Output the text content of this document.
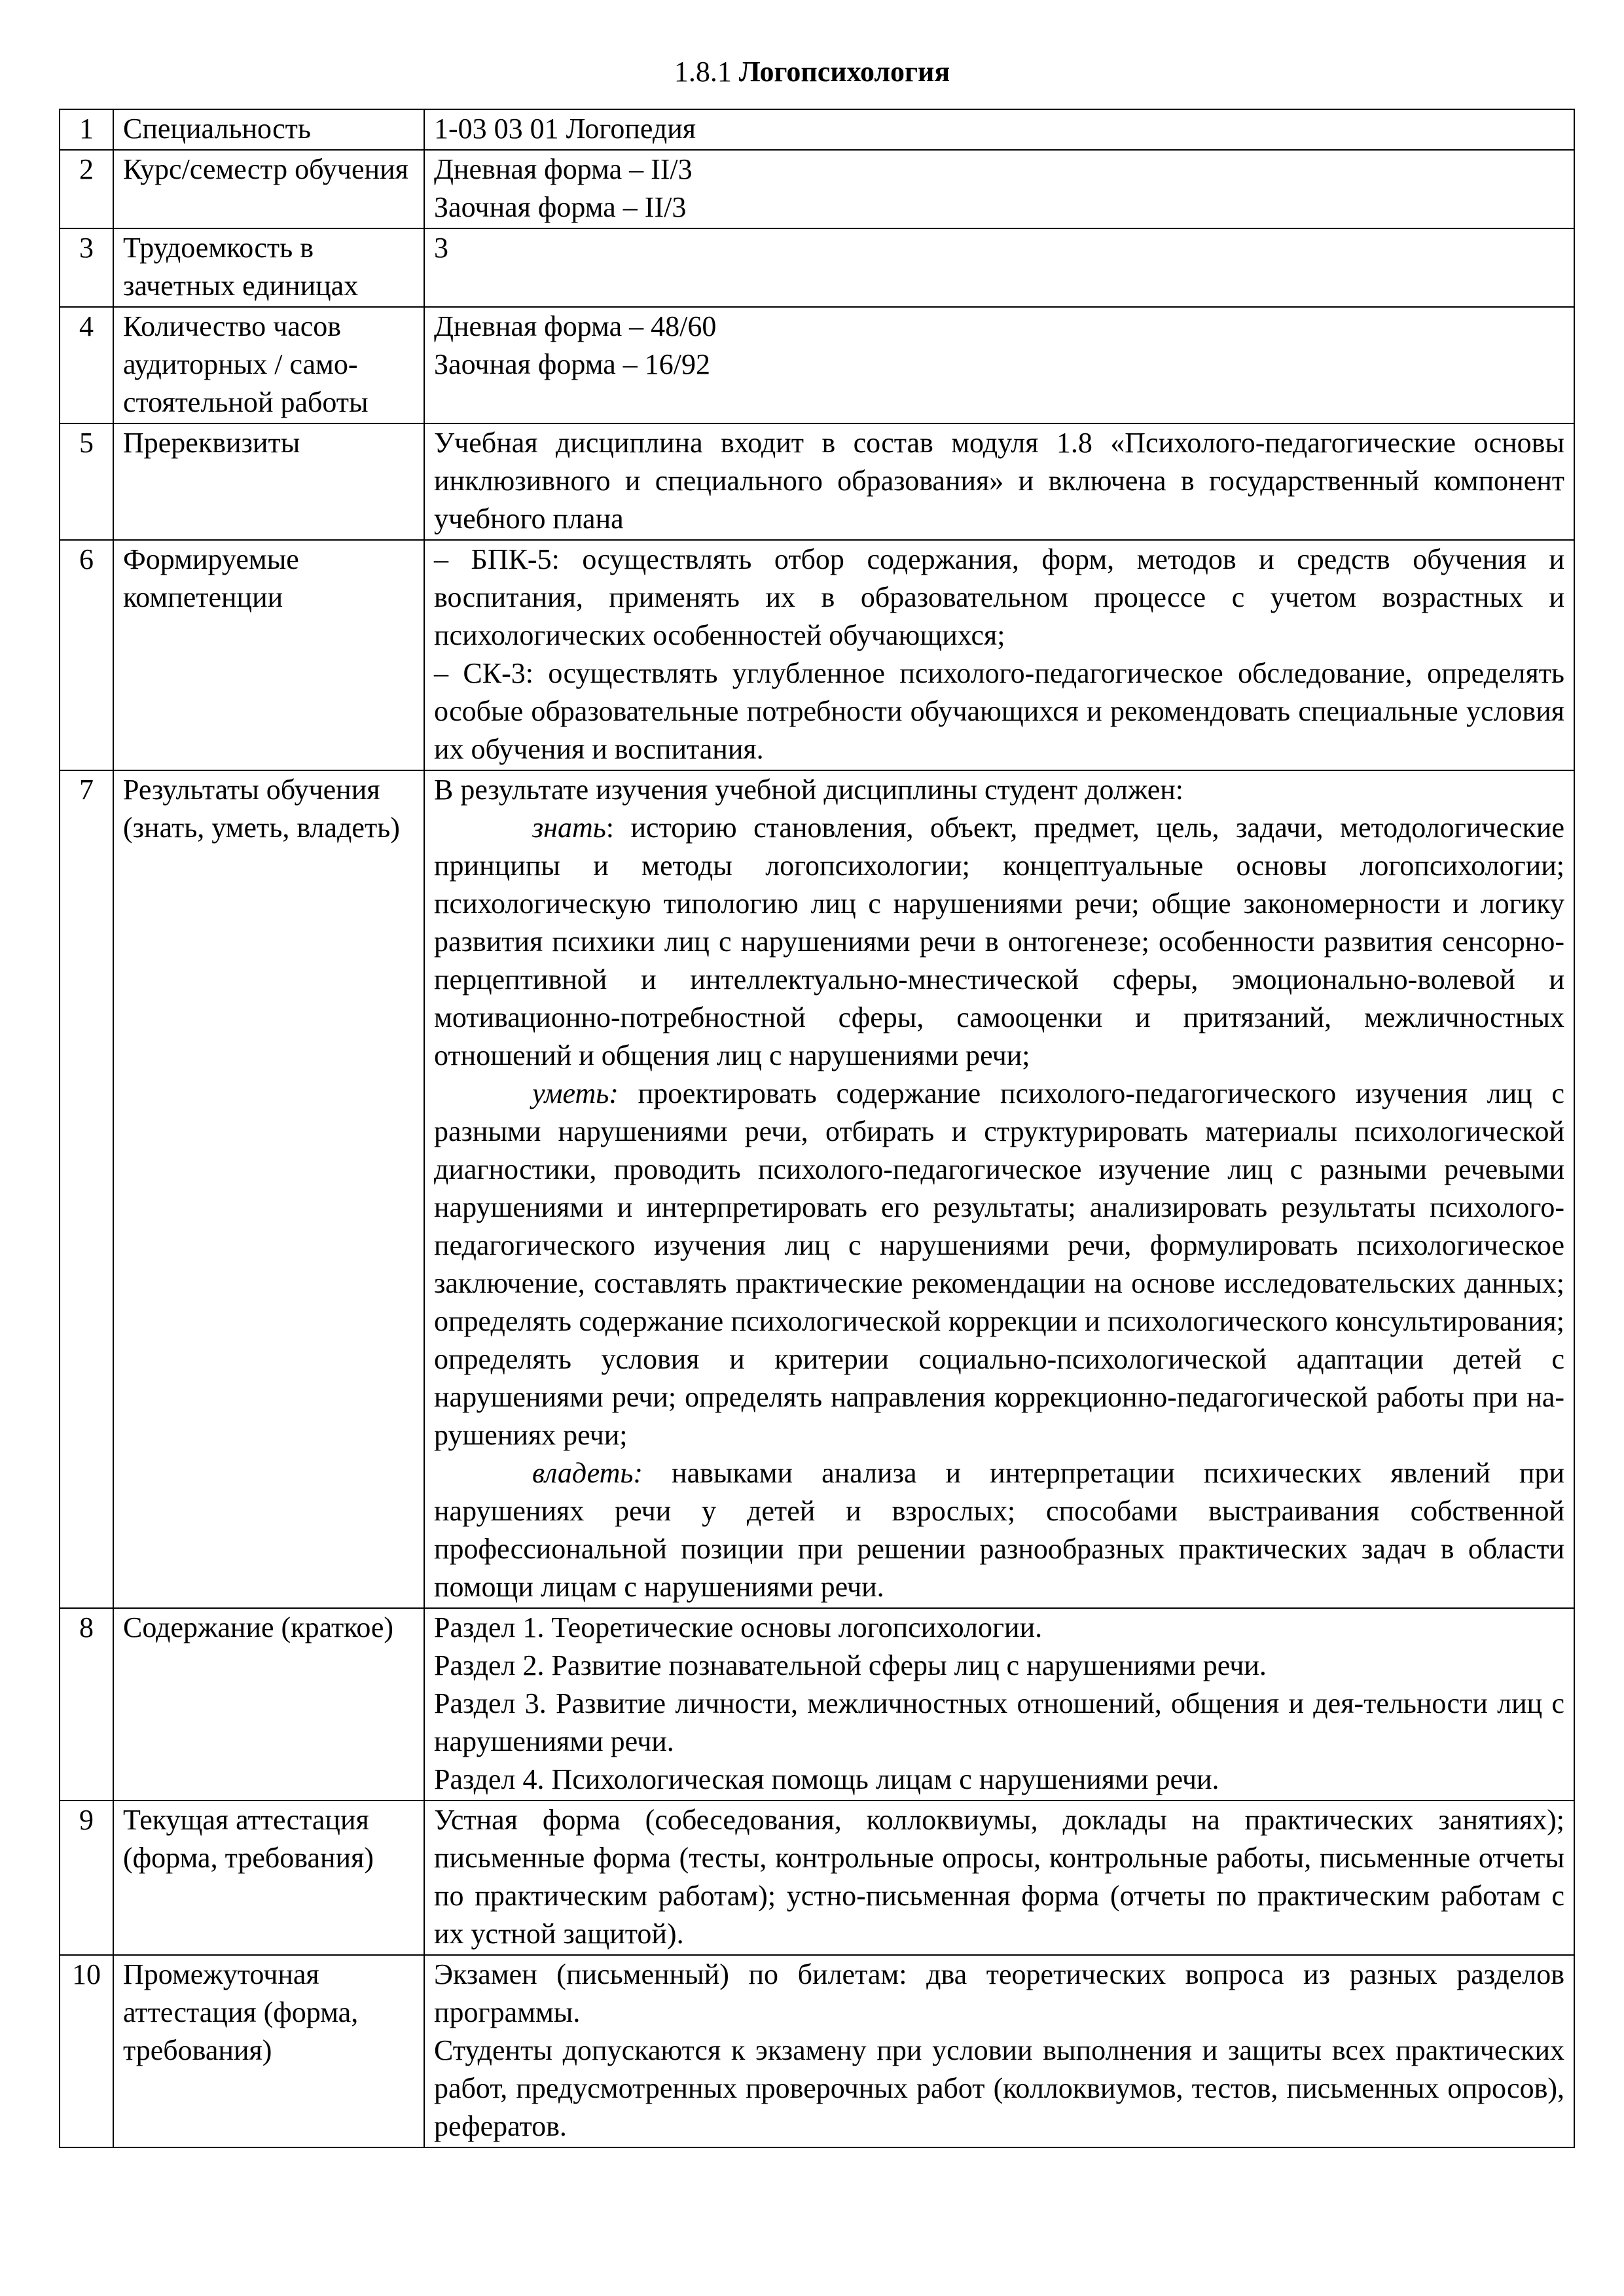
1.8.1 Логопсихология
1	Специальность	1-03 03 01 Логопедия

2	Курс/семестр обучения	Дневная форма – II/3

Заочная форма – II/3

3	Трудоемкость в зачетных единицах	3

4	Количество часов аудиторных / само-стоятельной работы	Дневная форма – 48/60

Заочная форма – 16/92

5	Пререквизиты	Учебная дисциплина входит в состав модуля 1.8 «Психолого-педагогические основы инклюзивного и специального образования» и включена в государственный компонент учебного плана

6	Формируемые компетенции	– БПК-5: осуществлять отбор содержания, форм, методов и средств обучения и воспитания, применять их в образовательном процессе с учетом возрастных и психологических особенностей обучающихся;

– СК-3: осуществлять углубленное психолого-педагогическое обследование, определять особые образовательные потребности обучающихся и рекомендовать специальные условия их обучения и воспитания.

7	Результаты обучения (знать, уметь, владеть)	В результате изучения учебной дисциплины студент должен:

знать: историю становления, объект, предмет, цель, задачи, методологические принципы и методы логопсихологии; концептуальные основы логопсихологии; психологическую типологию лиц с нарушениями речи; общие закономерности и логику развития психики лиц с нарушениями речи в онтогенезе; особенности развития сенсорно-перцептивной и интеллектуально-мнестической сферы, эмоционально-волевой и мотивационно-потребностной сферы, самооценки и притязаний, межличностных отношений и общения лиц с нарушениями речи;

уметь: проектировать содержание психолого-педагогического изучения лиц с разными нарушениями речи, отбирать и структурировать материалы психологической диагностики, проводить психолого-педагогическое изучение лиц с разными речевыми нарушениями и интерпретировать его результаты; анализировать результаты психолого-педагогического изучения лиц с нарушениями речи, формулировать психологическое заключение, составлять практические рекомендации на основе исследовательских данных; определять содержание психологической коррекции и психологического консультирования; определять условия и критерии социально-психологической адаптации детей с нарушениями речи; определять направления коррекционно-педагогической работы при на-рушениях речи;

владеть: навыками анализа и интерпретации психических явлений при нарушениях речи у детей и взрослых; способами выстраивания собственной профессиональной позиции при решении разнообразных практических задач в области помощи лицам с нарушениями речи.

8	Содержание (краткое)	Раздел 1. Теоретические основы логопсихологии.

Раздел 2. Развитие познавательной сферы лиц с нарушениями речи.

Раздел 3. Развитие личности, межличностных отношений, общения и дея-тельности лиц с нарушениями речи.

Раздел 4. Психологическая помощь лицам с нарушениями речи.

9	Текущая аттестация (форма, требования)	Устная форма (собеседования, коллоквиумы, доклады на практических занятиях); письменные форма (тесты, контрольные опросы, контрольные работы, письменные отчеты по практическим работам); устно-письменная форма (отчеты по практическим работам с их устной защитой).

10	Промежуточная аттестация (форма, требования)	Экзамен (письменный) по билетам: два теоретических вопроса из разных разделов программы.

Студенты допускаются к экзамену при условии выполнения и защиты всех практических работ, предусмотренных проверочных работ (коллоквиумов, тестов, письменных опросов), рефератов.
